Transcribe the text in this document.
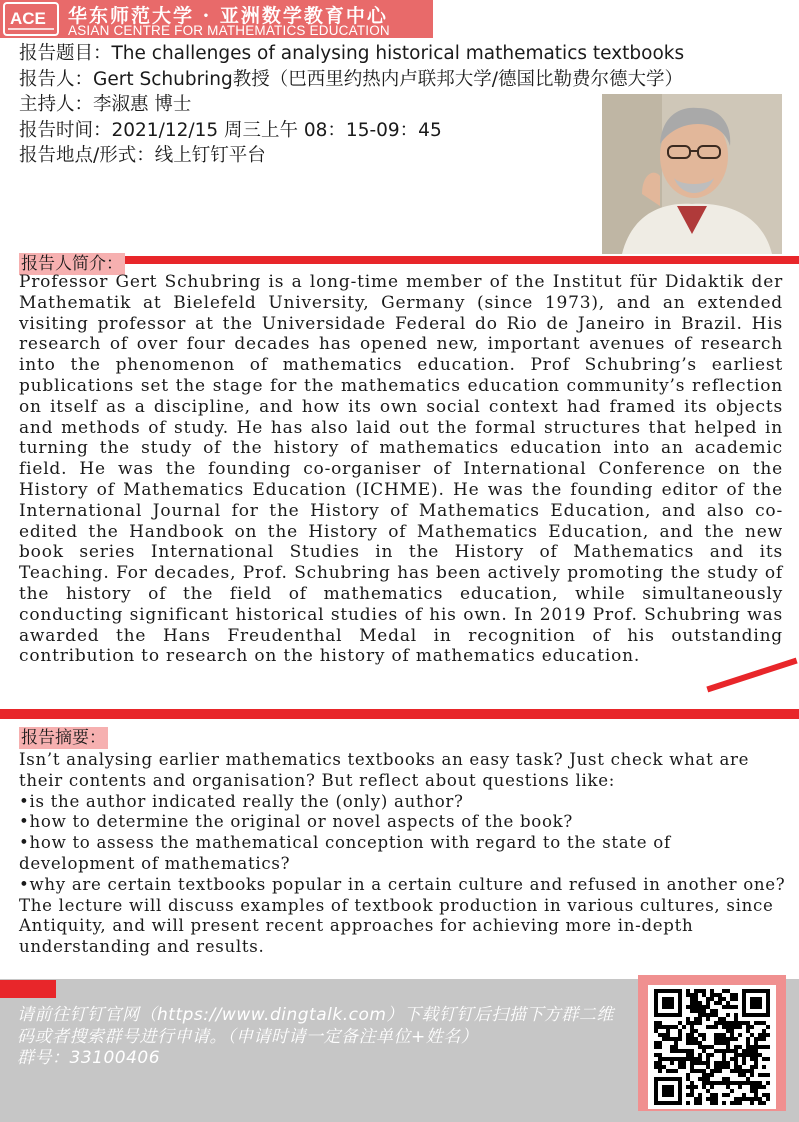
ACE 华东师范大学 · 亚洲数学教育中心
ASIAN CENTRE FOR MATHEMATICS EDUCATION
报告题目：The challenges of analysing historical mathematics textbooks
报告人：Gert Schubring教授（巴西里约热内卢联邦大学/德国比勒费尔德大学）
主持人：李淑惠 博士
报告时间：2021/12/15 周三上午 08：15-09：45
报告地点/形式：线上钉钉平台
报告人简介：
Professor Gert Schubring is a long-time member of the Institut für Didaktik der Mathematik at Bielefeld University, Germany (since 1973), and an extended visiting professor at the Universidade Federal do Rio de Janeiro in Brazil. His research of over four decades has opened new, important avenues of research into the phenomenon of mathematics education. Prof Schubring’s earliest publications set the stage for the mathematics education community’s reflection on itself as a discipline, and how its own social context had framed its objects and methods of study. He has also laid out the formal structures that helped in turning the study of the history of mathematics education into an academic field. He was the founding co-organiser of International Conference on the History of Mathematics Education (ICHME). He was the founding editor of the International Journal for the History of Mathematics Education, and also co-edited the Handbook on the History of Mathematics Education, and the new book series International Studies in the History of Mathematics and its Teaching. For decades, Prof. Schubring has been actively promoting the study of the history of the field of mathematics education, while simultaneously conducting significant historical studies of his own. In 2019 Prof. Schubring was awarded the Hans Freudenthal Medal in recognition of his outstanding contribution to research on the history of mathematics education.
报告摘要：

Isn’t analysing earlier mathematics textbooks an easy task? Just check what are their contents and organisation? But reflect about questions like:

•is the author indicated really the (only) author?

•how to determine the original or novel aspects of the book?

•how to assess the mathematical conception with regard to the state of development of mathematics?

•why are certain textbooks popular in a certain culture and refused in another one?

The lecture will discuss examples of textbook production in various cultures, since Antiquity, and will present recent approaches for achieving more in-depth understanding and results.

请前往钉钉官网（https://www.dingtalk.com）下载钉钉后扫描下方群二维码或者搜索群号进行申请。（申请时请一定备注单位+姓名）
群号：33100406
